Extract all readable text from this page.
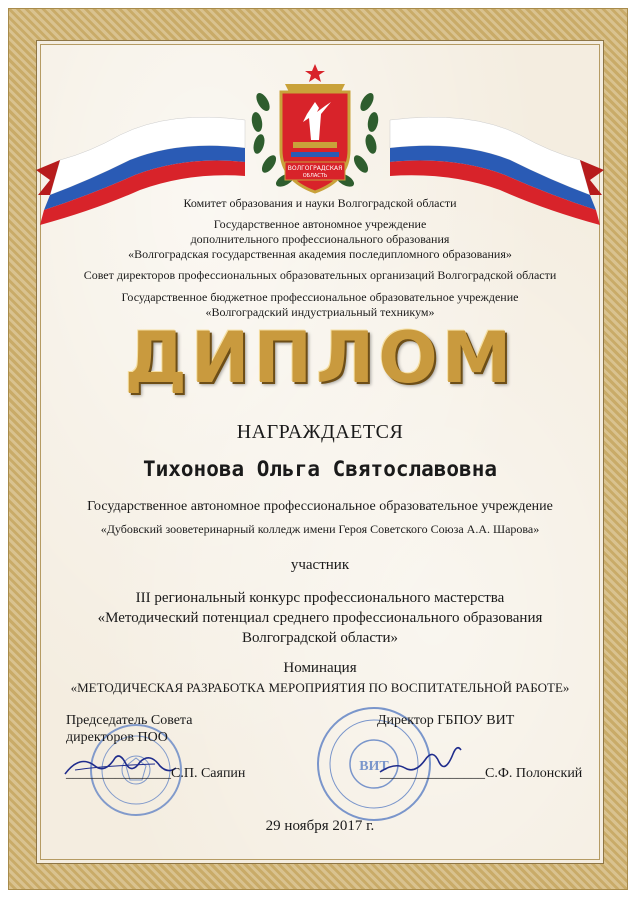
ВОЛГОГРАДСКАЯ
ОБЛАСТЬ
Комитет образования и науки Волгоградской области
Государственное автономное учреждение
дополнительного профессионального образования
«Волгоградская государственная академия последипломного образования»
Совет директоров профессиональных образовательных организаций Волгоградской области
Государственное бюджетное профессиональное образовательное учреждение
«Волгоградский индустриальный техникум»
ДИПЛОМ
НАГРАЖДАЕТСЯ
Тихонова Ольга Святославовна
Государственное автономное профессиональное образовательное учреждение
«Дубовский зооветеринарный колледж имени Героя Советского Союза А.А. Шарова»
участник
III региональный конкурс профессионального мастерства
«Методический потенциал среднего профессионального образования
Волгоградской области»
Номинация
«МЕТОДИЧЕСКАЯ РАЗРАБОТКА МЕРОПРИЯТИЯ ПО ВОСПИТАТЕЛЬНОЙ РАБОТЕ»
ВИТ
Председатель Совета
директоров ПОО
_______________С.П. Саяпин
Директор ГБПОУ ВИТ
_______________С.Ф. Полонский
29 ноября 2017 г.
